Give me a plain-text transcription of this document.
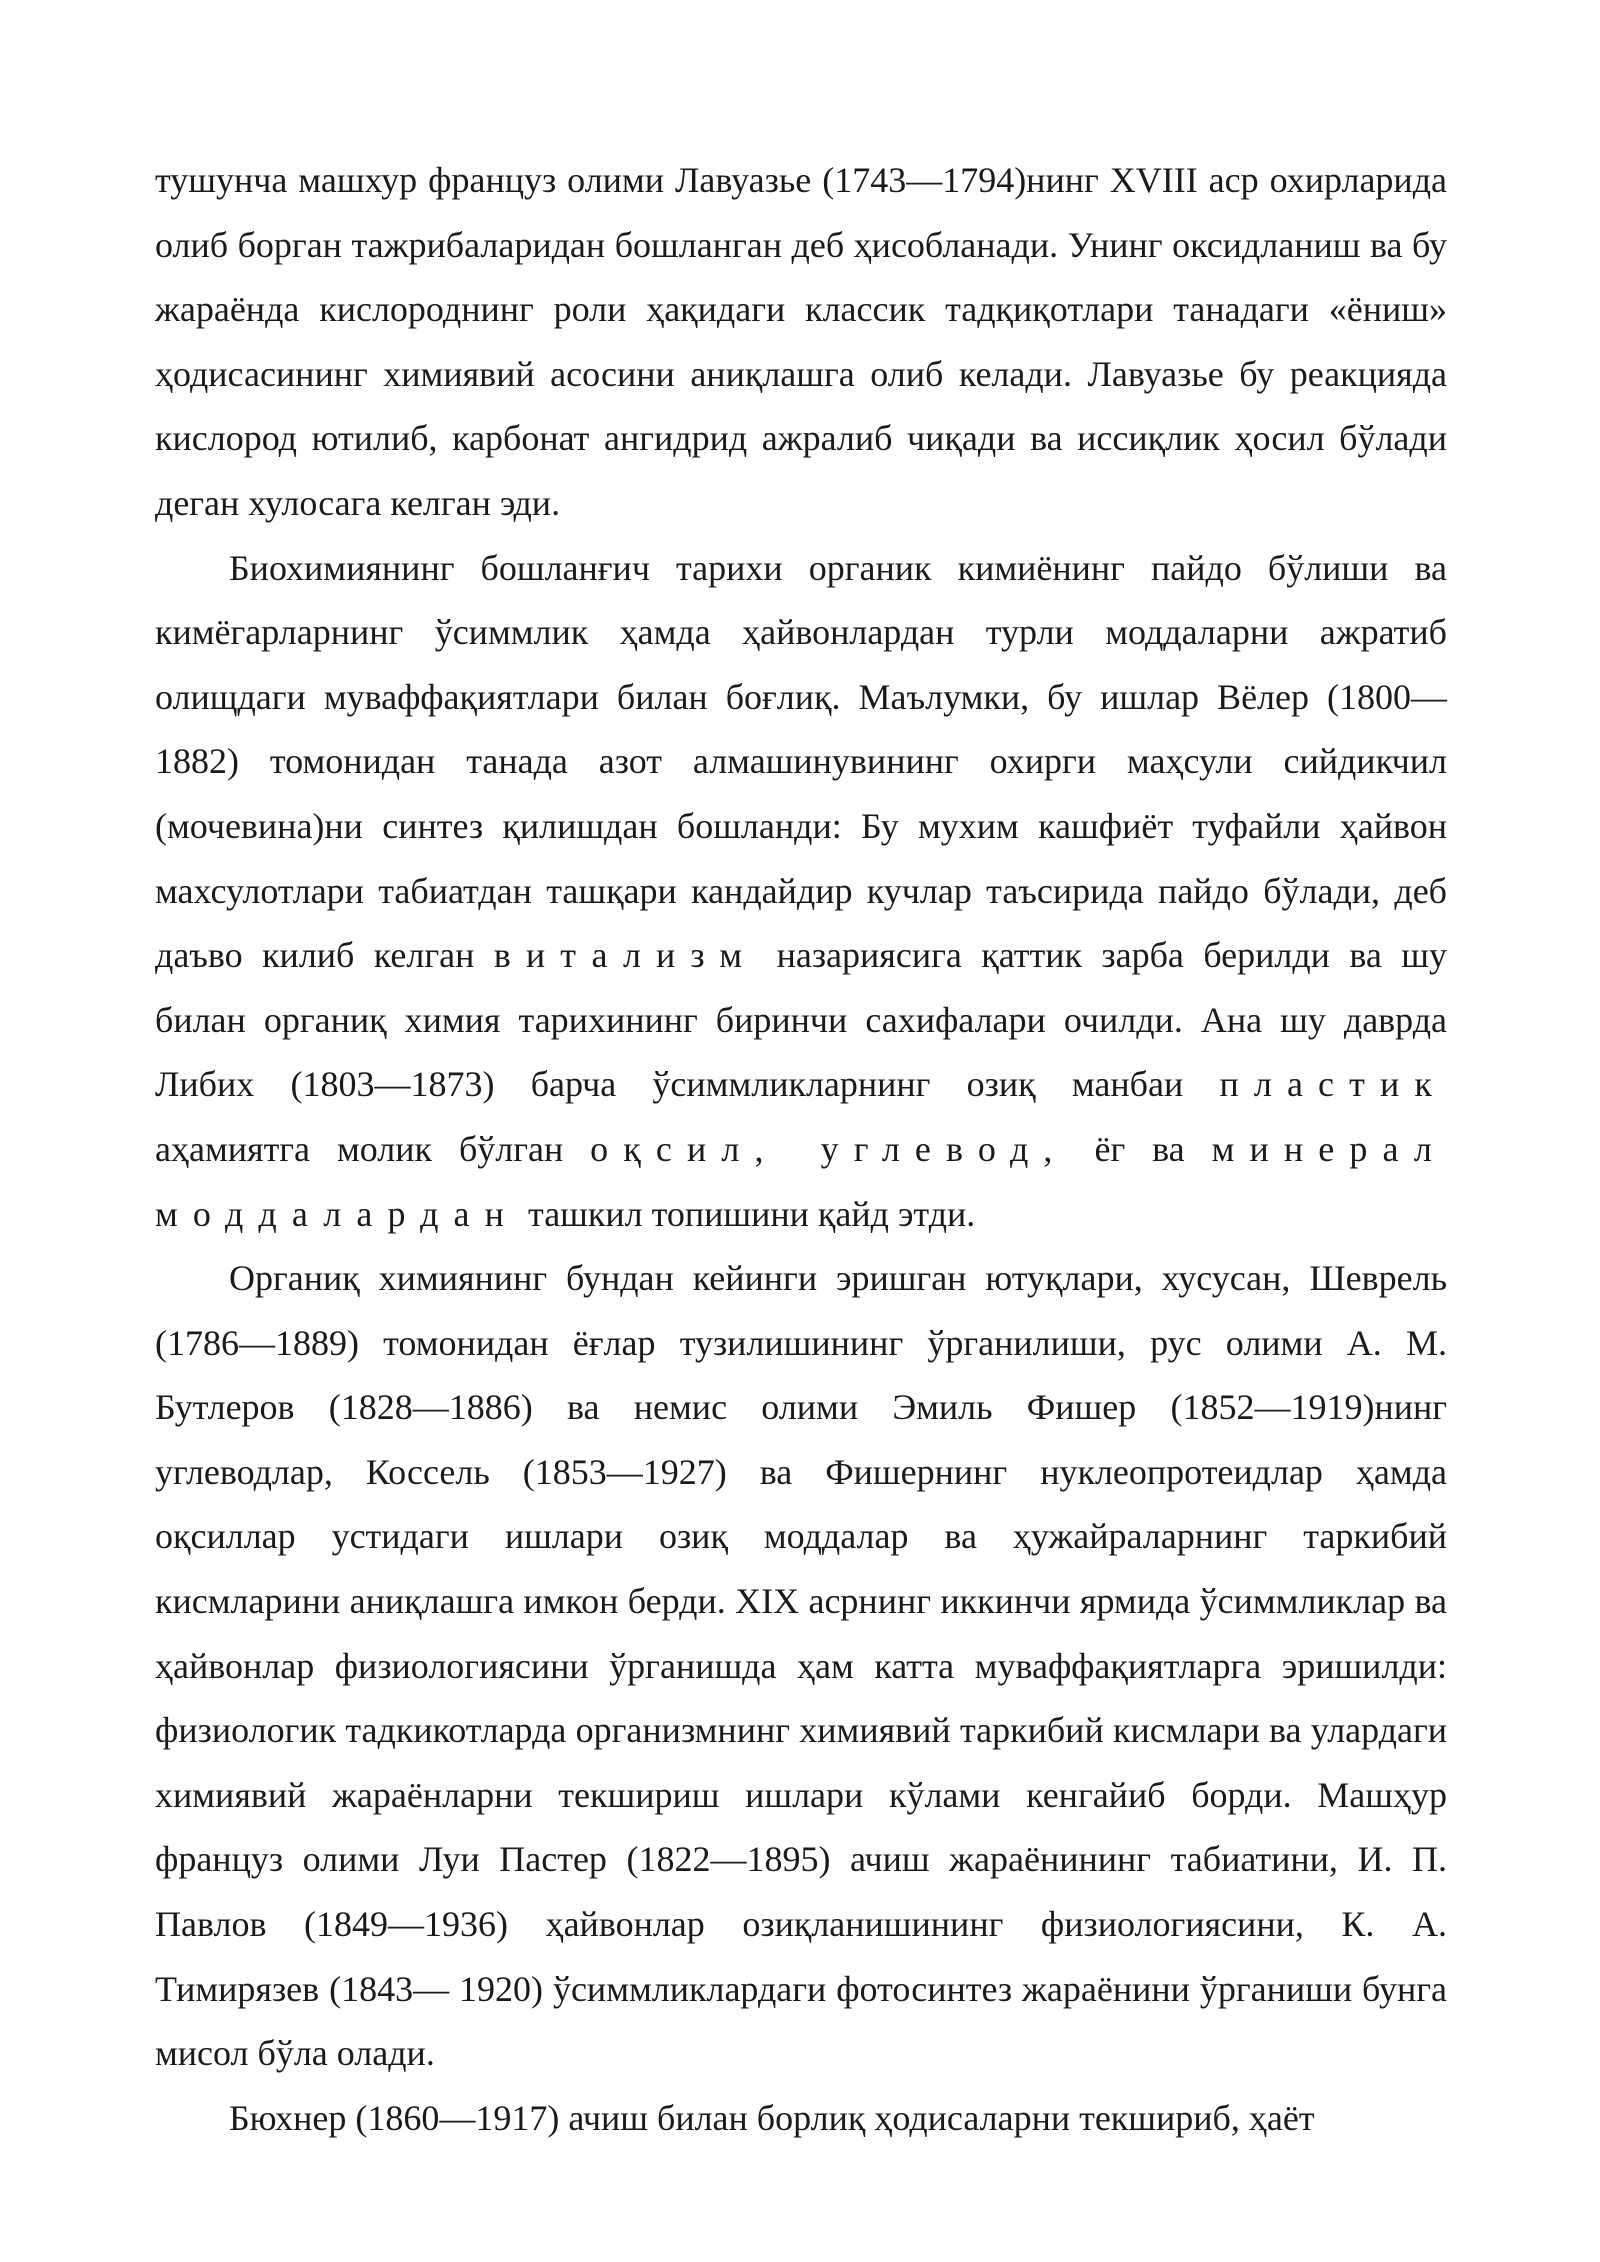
тушунча машхур француз олими Лавуазье (1743—1794)нинг XVIII аср охирларида олиб борган тажрибаларидан бошланган деб ҳисобланади. Унинг оксидланиш ва бу жараёнда кислороднинг роли ҳақидаги классик тадқиқотлари танадаги «ёниш» ҳодисасининг химиявий асосини аниқлашга олиб келади. Лавуазье бу реакцияда кислород ютилиб, карбонат ангидрид ажралиб чиқади ва иссиқлик ҳосил бўлади деган хулосага келган эди.

Биохимиянинг бошланғич тарихи органик кимиёнинг пайдо бўлиши ва кимёгарларнинг ўсиммлик ҳамда ҳайвонлардан турли моддаларни ажратиб олищдаги муваффақиятлари билан боғлиқ. Маълумки, бу ишлар Вёлер (1800—1882) томонидан танада азот алмашинувининг охирги маҳсули сийдикчил (мочевина)ни синтез қилишдан бошланди: Бу мухим кашфиёт туфайли ҳайвон махсулотлари табиатдан ташқари кандайдир кучлар таъсирида пайдо бўлади, деб даъво килиб келган витализм назариясига қаттик зарба берилди ва шу билан органиқ химия тарихининг биринчи сахифалари очилди. Ана шу даврда Либих (1803—1873) барча ўсиммликларнинг озиқ манбаи пластик аҳамиятга молик бўлган оқсил, углевод, ёг ва минерал моддалардан ташкил топишини қайд этди.

Органиқ химиянинг бундан кейинги эришган ютуқлари, хусусан, Шеврель (1786—1889) томонидан ёғлар тузилишининг ўрганилиши, рус олими А. М. Бутлеров (1828—1886) ва немис олими Эмиль Фишер (1852—1919)нинг углеводлар, Коссель (1853—1927) ва Фишернинг нуклеопротеидлар ҳамда оқсиллар устидаги ишлари озиқ моддалар ва ҳужайраларнинг таркибий кисмларини аниқлашга имкон берди. XIX асрнинг иккинчи ярмида ўсиммликлар ва ҳайвонлар физиологиясини ўрганишда ҳам катта муваффақиятларга эришилди: физиологик тадкикотларда организмнинг химиявий таркибий кисмлари ва улардаги химиявий жараёнларни текшириш ишлари кўлами кенгайиб борди. Машҳур француз олими Луи Пастер (1822—1895) ачиш жараёнининг табиатини, И. П. Павлов (1849—1936) ҳайвонлар озиқланишининг физиологиясини, К. А. Тимирязев (1843— 1920) ўсиммликлардаги фотосинтез жараёнини ўрганиши бунга мисол бўла олади.

Бюхнер (1860—1917) ачиш билан борлиқ ҳодисаларни текшириб, ҳаёт
